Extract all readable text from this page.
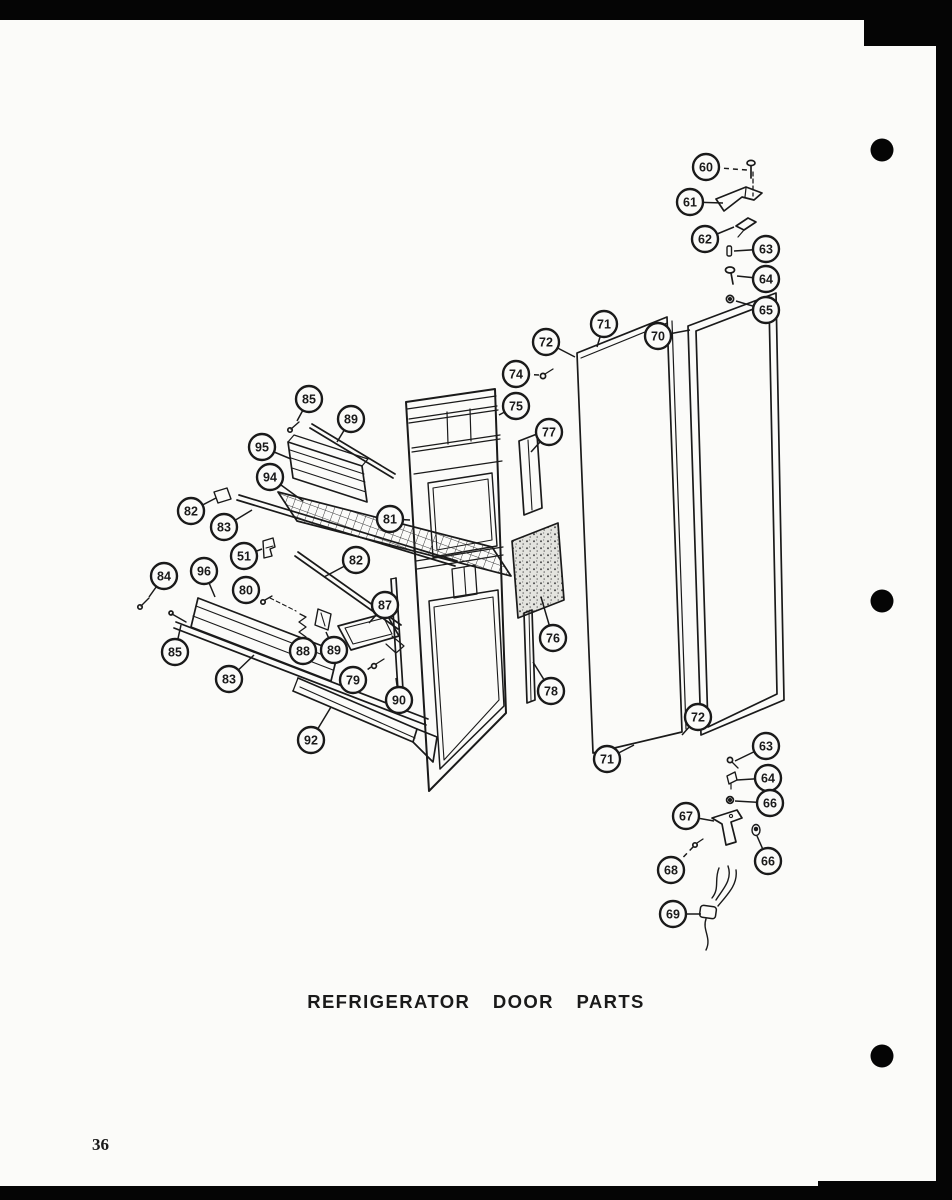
60
61
62
63
64
65
72
71
70
74
75
77
76
78
72
71
85
89
95
94
82
83
51
96
84
80
85
83
92
81
82
87
88 89
79
90
63
64
66
67
66
68
69
REFRIGERATOR DOOR PARTS
36
